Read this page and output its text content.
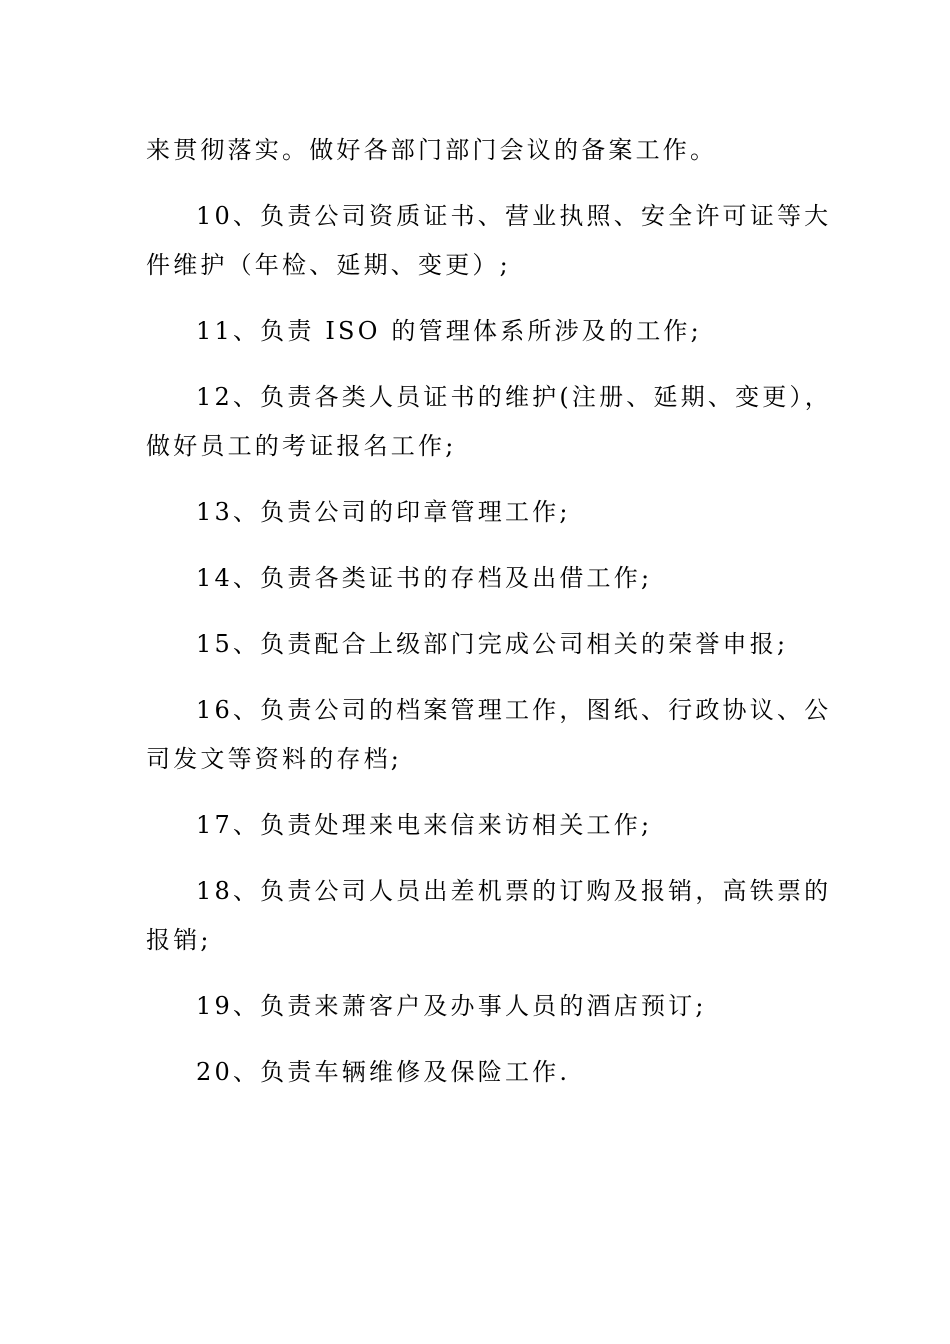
来贯彻落实。做好各部门部门会议的备案工作。
10、负责公司资质证书、营业执照、安全许可证等大
件维护（年检、延期、变更）;
11、负责 ISO 的管理体系所涉及的工作;
12、负责各类人员证书的维护(注册、延期、变更），
做好员工的考证报名工作;
13、负责公司的印章管理工作;
14、负责各类证书的存档及出借工作;
15、负责配合上级部门完成公司相关的荣誉申报;
16、负责公司的档案管理工作，图纸、行政协议、公
司发文等资料的存档;
17、负责处理来电来信来访相关工作;
18、负责公司人员出差机票的订购及报销，高铁票的
报销;
19、负责来萧客户及办事人员的酒店预订;
20、负责车辆维修及保险工作.
